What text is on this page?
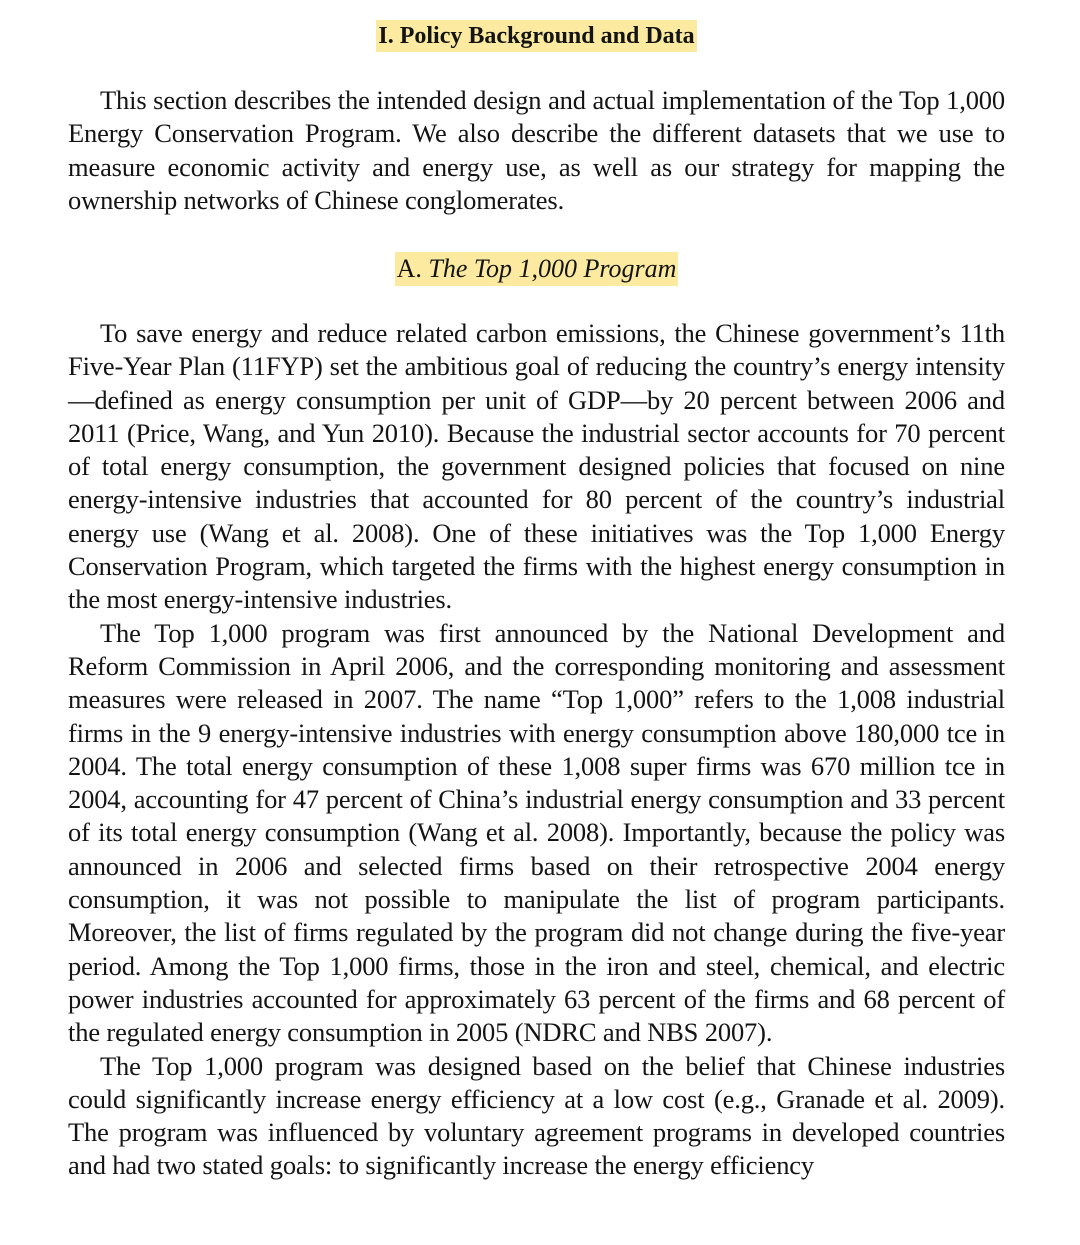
I. Policy Background and Data

This section describes the intended design and actual implementation of the Top 1,000 Energy Conservation Program. We also describe the different datasets that we use to measure economic activity and energy use, as well as our strategy for mapping the ownership networks of Chinese conglomerates.

A. The Top 1,000 Program

To save energy and reduce related carbon emissions, the Chinese government’s 11th Five-Year Plan (11FYP) set the ambitious goal of reducing the country’s energy intensity—defined as energy consumption per unit of GDP—by 20 percent between 2006 and 2011 (Price, Wang, and Yun 2010). Because the industrial sector accounts for 70 percent of total energy consumption, the government designed policies that focused on nine energy-intensive industries that accounted for 80 percent of the country’s industrial energy use (Wang et al. 2008). One of these initiatives was the Top 1,000 Energy Conservation Program, which targeted the firms with the highest energy consumption in the most energy-intensive industries.

The Top 1,000 program was first announced by the National Development and Reform Commission in April 2006, and the corresponding monitoring and assessment measures were released in 2007. The name “Top 1,000” refers to the 1,008 industrial firms in the 9 energy-intensive industries with energy consumption above 180,000 tce in 2004. The total energy consumption of these 1,008 super firms was 670 million tce in 2004, accounting for 47 percent of China’s industrial energy consumption and 33 percent of its total energy consumption (Wang et al. 2008). Importantly, because the policy was announced in 2006 and selected firms based on their retrospective 2004 energy consumption, it was not possible to manipulate the list of program participants. Moreover, the list of firms regulated by the program did not change during the five-year period. Among the Top 1,000 firms, those in the iron and steel, chemical, and electric power industries accounted for approximately 63 percent of the firms and 68 percent of the regulated energy consumption in 2005 (NDRC and NBS 2007).

The Top 1,000 program was designed based on the belief that Chinese industries could significantly increase energy efficiency at a low cost (e.g., Granade et al. 2009). The program was influenced by voluntary agreement programs in developed countries and had two stated goals: to significantly increase the energy efficiency
